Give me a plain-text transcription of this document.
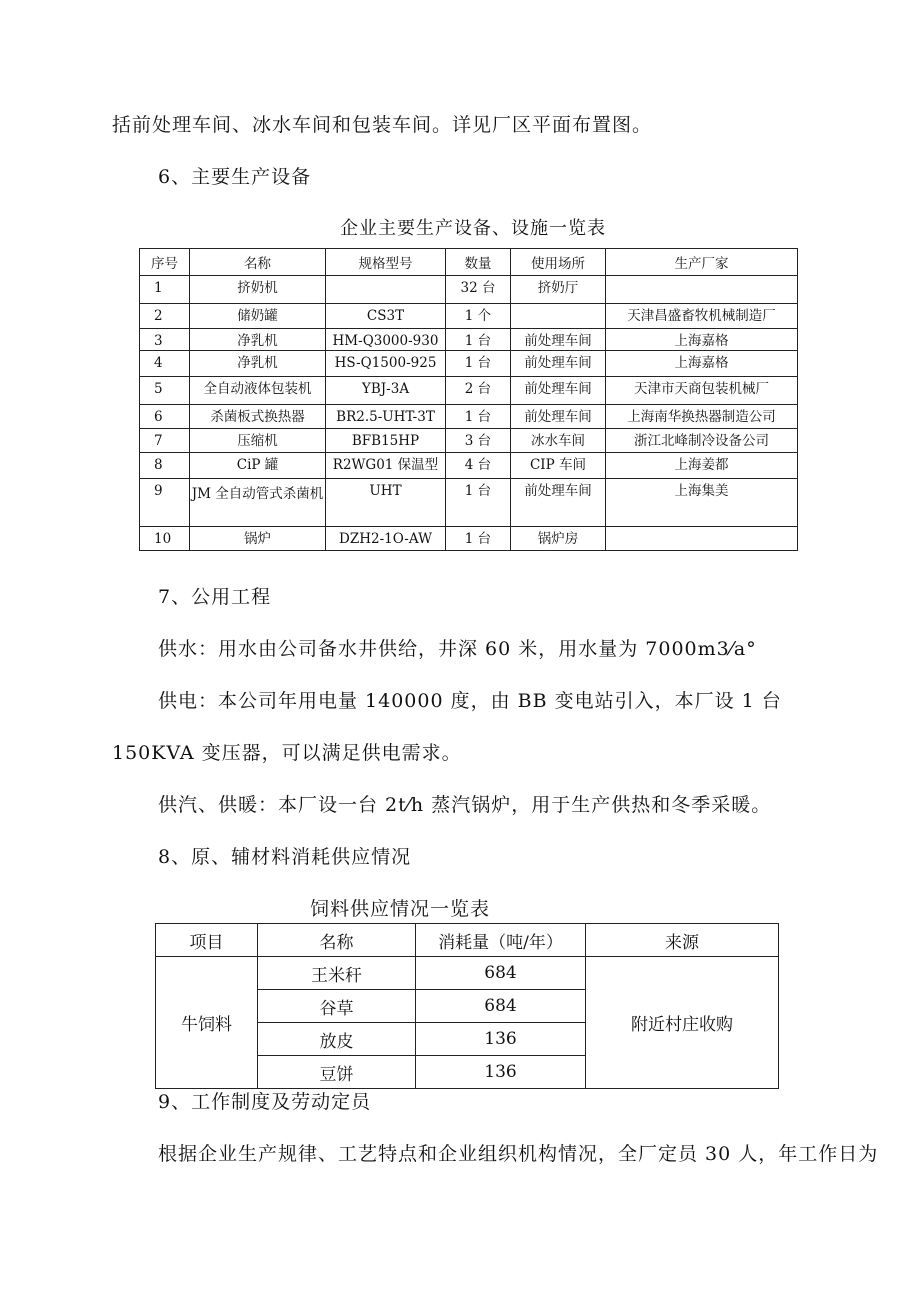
括前处理车间、冰水车间和包装车间。详见厂区平面布置图。
6、主要生产设备
企业主要生产设备、设施一览表
序号	名称	规格型号	数量	使用场所	生产厂家
1	挤奶机		32 台	挤奶厅	
2	储奶罐	CS3T	1 个		天津昌盛畜牧机械制造厂
3	净乳机	HM-Q3000-930	1 台	前处理车间	上海嘉格
4	净乳机	HS-Q1500-925	1 台	前处理车间	上海嘉格
5	全自动液体包装机	YBJ-3A	2 台	前处理车间	天津市天商包装机械厂
6	杀菌板式换热器	BR2.5-UHT-3T	1 台	前处理车间	上海南华换热器制造公司
7	压缩机	BFB15HP	3 台	冰水车间	浙江北峰制冷设备公司
8	CiP 罐	R2WG01 保温型	4 台	CIP 车间	上海姜都
9	JM 全自动管式杀菌机	UHT	1 台	前处理车间	上海集美
10	锅炉	DZH2-1O-AW	1 台	锅炉房	
7、公用工程
供水：用水由公司备水井供给，井深 60 米，用水量为 7000m3⁄a°
供电：本公司年用电量 140000 度，由 BB 变电站引入，本厂设 1 台
150KVA 变压器，可以满足供电需求。
供汽、供暖：本厂设一台 2t⁄h 蒸汽锅炉，用于生产供热和冬季采暖。
8、原、辅材料消耗供应情况
饲料供应情况一览表
项目	名称	消耗量（吨/年）	来源
牛饲料	王米秆	684	附近村庄收购
	谷草	684	
	放皮	136	
	豆饼	136	
9、工作制度及劳动定员
根据企业生产规律、工艺特点和企业组织机构情况，全厂定员 30 人，年工作日为
